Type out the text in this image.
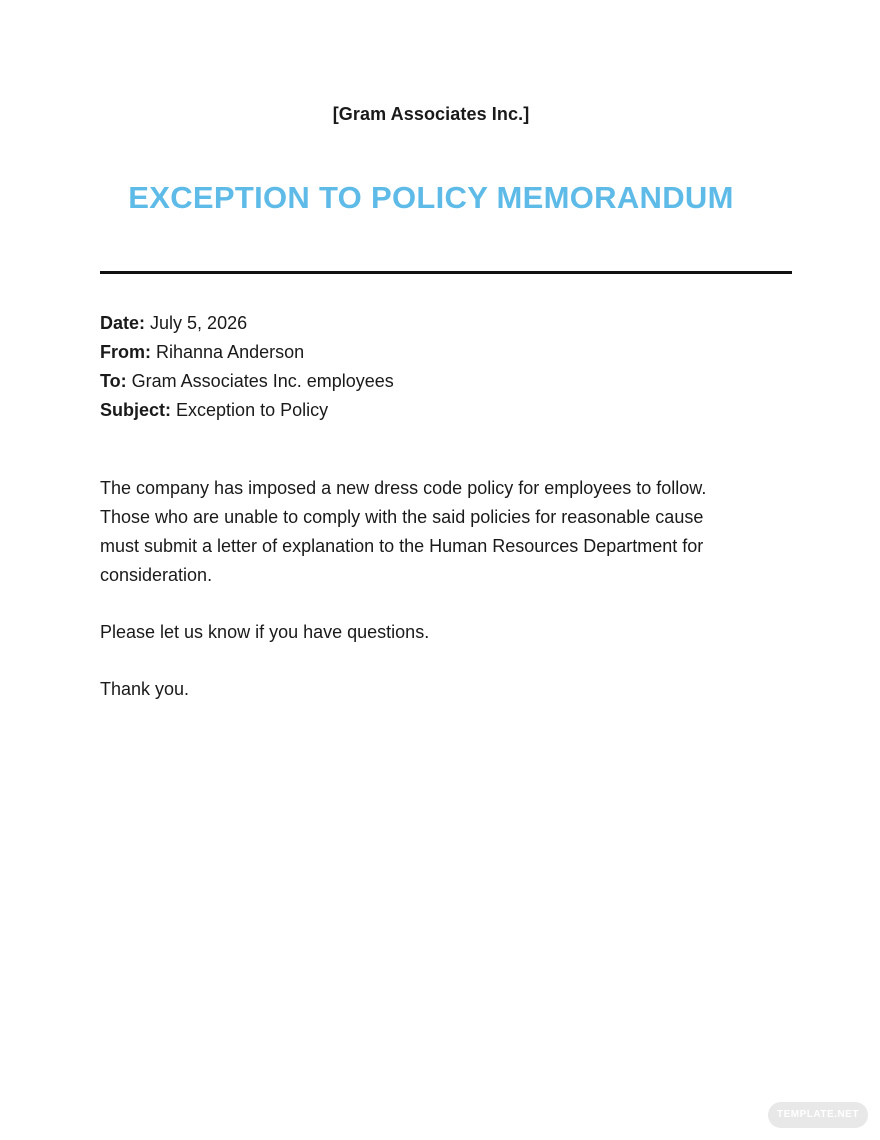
[Gram Associates Inc.]
EXCEPTION TO POLICY MEMORANDUM
Date: July 5, 2026
From: Rihanna Anderson
To: Gram Associates Inc. employees
Subject: Exception to Policy

The company has imposed a new dress code policy for employees to follow.
Those who are unable to comply with the said policies for reasonable cause
must submit a letter of explanation to the Human Resources Department for
consideration.

Please let us know if you have questions.

Thank you.

TEMPLATE.NET
